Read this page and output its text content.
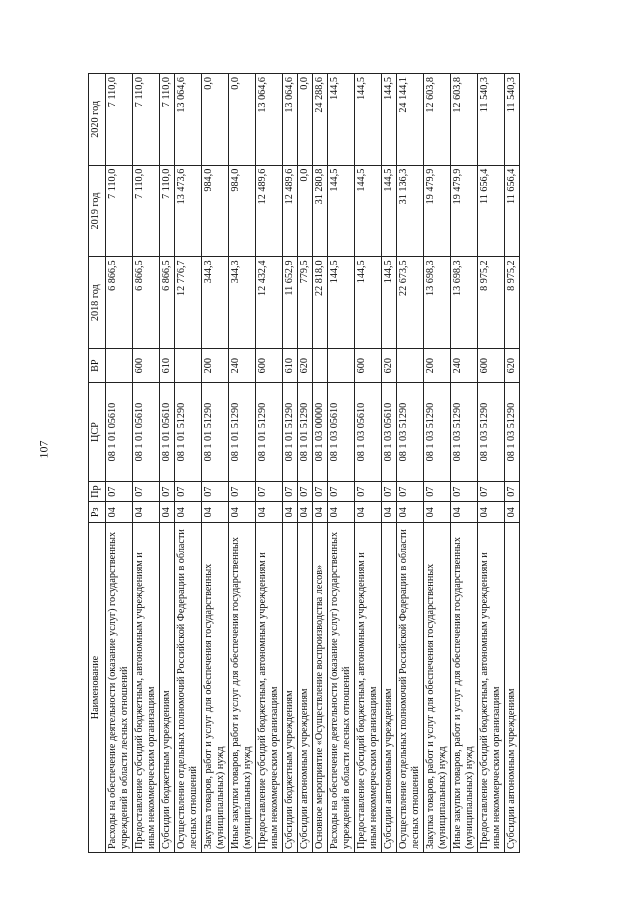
107
Наименование	Рз	Пр	ЦСР	ВР	2018 год	2019 год	2020 год
Расходы на обеспечение деятельности (оказание услуг) государственных учреждений в области лесных отношений	04	07	08 1 01 05610		6 866,5	7 110,0	7 110,0
Предоставление субсидий бюджетным, автономным учреждениям и иным некоммерческим организациям	04	07	08 1 01 05610	600	6 866,5	7 110,0	7 110,0
Субсидии бюджетным учреждениям	04	07	08 1 01 05610	610	6 866,5	7 110,0	7 110,0
Осуществление отдельных полномочий Российской Федерации в области лесных отношений	04	07	08 1 01 51290		12 776,7	13 473,6	13 064,6
Закупка товаров, работ и услуг для обеспечения государственных (муниципальных) нужд	04	07	08 1 01 51290	200	344,3	984,0	0,0
Иные закупки товаров, работ и услуг для обеспечения государственных (муниципальных) нужд	04	07	08 1 01 51290	240	344,3	984,0	0,0
Предоставление субсидий бюджетным, автономным учреждениям и иным некоммерческим организациям	04	07	08 1 01 51290	600	12 432,4	12 489,6	13 064,6
Субсидии бюджетным учреждениям	04	07	08 1 01 51290	610	11 652,9	12 489,6	13 064,6
Субсидии автономным учреждениям	04	07	08 1 01 51290	620	779,5	0,0	0,0
Основное мероприятие «Осуществление воспроизводства лесов»	04	07	08 1 03 00000		22 818,0	31 280,8	24 288,6
Расходы на обеспечение деятельности (оказание услуг) государственных учреждений в области лесных отношений	04	07	08 1 03 05610		144,5	144,5	144,5
Предоставление субсидий бюджетным, автономным учреждениям и иным некоммерческим организациям	04	07	08 1 03 05610	600	144,5	144,5	144,5
Субсидии автономным учреждениям	04	07	08 1 03 05610	620	144,5	144,5	144,5
Осуществление отдельных полномочий Российской Федерации в области лесных отношений	04	07	08 1 03 51290		22 673,5	31 136,3	24 144,1
Закупка товаров, работ и услуг для обеспечения государственных (муниципальных) нужд	04	07	08 1 03 51290	200	13 698,3	19 479,9	12 603,8
Иные закупки товаров, работ и услуг для обеспечения государственных (муниципальных) нужд	04	07	08 1 03 51290	240	13 698,3	19 479,9	12 603,8
Предоставление субсидий бюджетным, автономным учреждениям и иным некоммерческим организациям	04	07	08 1 03 51290	600	8 975,2	11 656,4	11 540,3
Субсидии автономным учреждениям	04	07	08 1 03 51290	620	8 975,2	11 656,4	11 540,3
